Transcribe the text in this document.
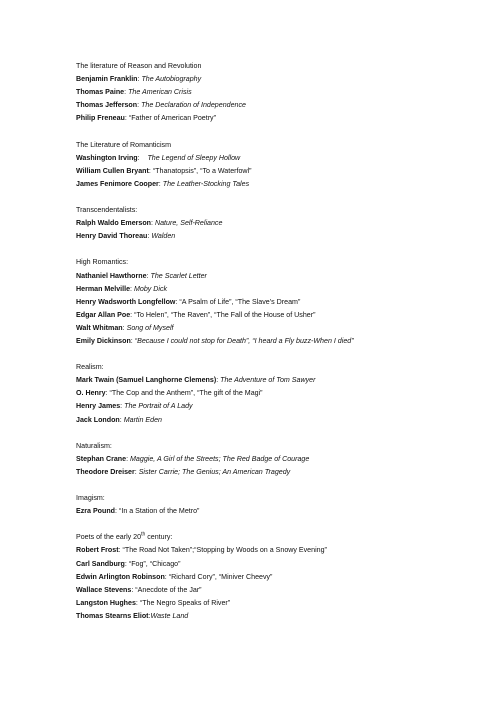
The literature of Reason and Revolution
Benjamin Franklin: The Autobiography
Thomas Paine: The American Crisis
Thomas Jefferson: The Declaration of Independence
Philip Freneau: “Father of American Poetry”
The Literature of Romanticism
Washington Irving:    The Legend of Sleepy Hollow
William Cullen Bryant: “Thanatopsis”, “To a Waterfowl”
James Fenimore Cooper: The Leather-Stocking Tales
Transcendentalists:
Ralph Waldo Emerson: Nature, Self-Reliance
Henry David Thoreau: Walden
High Romantics:
Nathaniel Hawthorne: The Scarlet Letter
Herman Melville: Moby Dick
Henry Wadsworth Longfellow: “A Psalm of Life”, “The Slave’s Dream”
Edgar Allan Poe: “To Helen”, “The Raven”, “The Fall of the House of Usher”
Walt Whitman: Song of Myself
Emily Dickinson: “Because I could not stop for Death”, “I heard a Fly buzz-When I died”
Realism:
Mark Twain (Samuel Langhorne Clemens): The Adventure of Tom Sawyer
O. Henry: “The Cop and the Anthem”, “The gift of the Magi”
Henry James: The Portrait of A Lady
Jack London: Martin Eden
Naturalism:
Stephan Crane: Maggie, A Girl of the Streets; The Red Badge of Courage
Theodore Dreiser: Sister Carrie; The Genius; An American Tragedy
Imagism:
Ezra Pound: “In a Station of the Metro”
Poets of the early 20th century:
Robert Frost: “The Road Not Taken”;“Stopping by Woods on a Snowy Evening”
Carl Sandburg: “Fog”, “Chicago”
Edwin Arlington Robinson: “Richard Cory”, “Miniver Cheevy”
Wallace Stevens: “Anecdote of the Jar”
Langston Hughes: “The Negro Speaks of River”
Thomas Stearns Eliot:Waste Land
